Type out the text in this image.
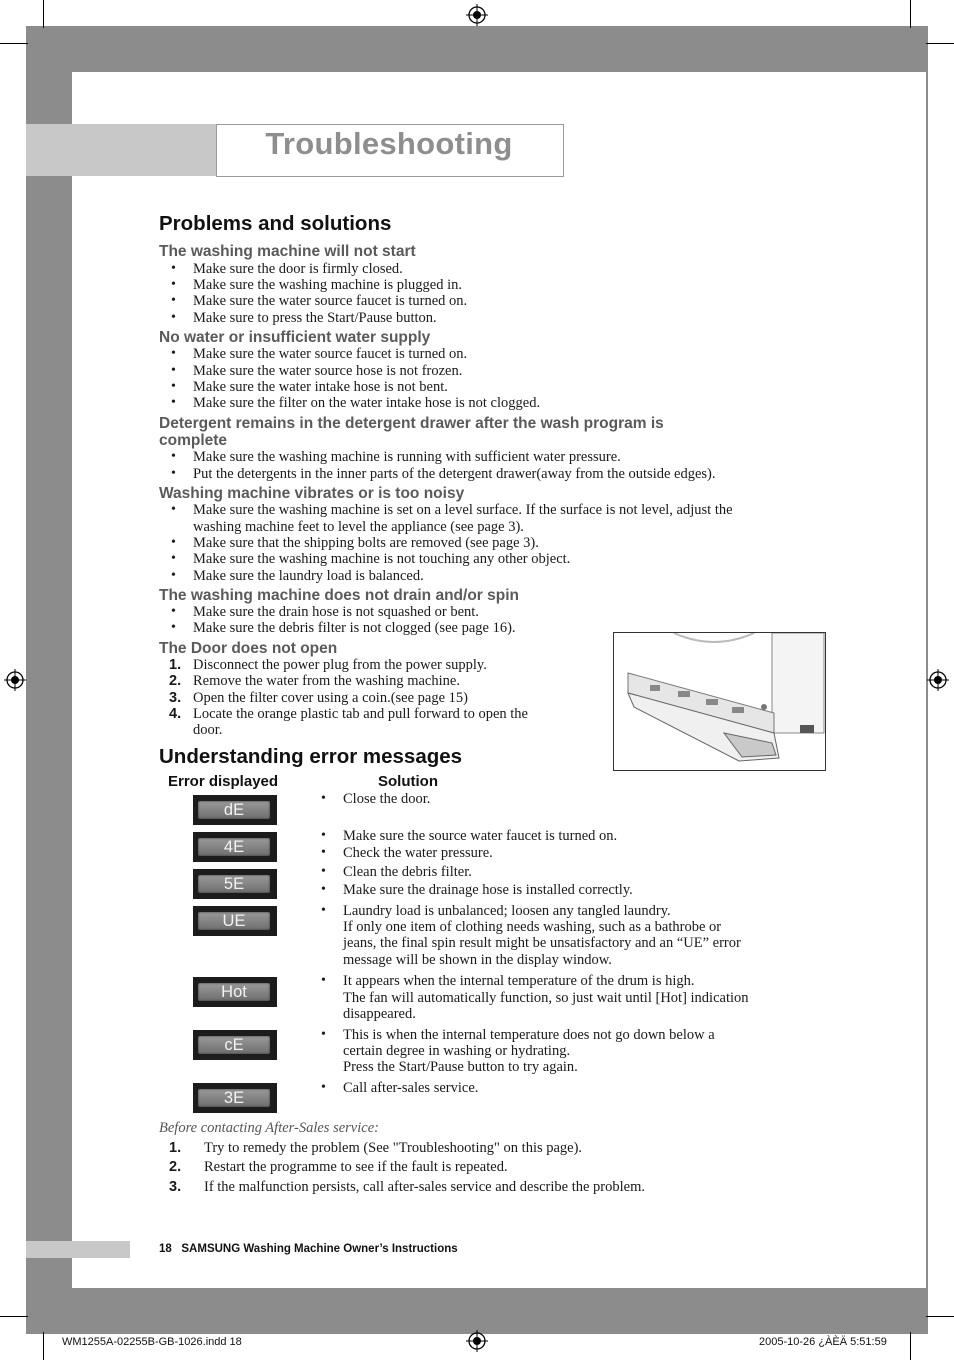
Troubleshooting
Problems and solutions
The washing machine will not start
• Make sure the door is firmly closed.
• Make sure the washing machine is plugged in.
• Make sure the water source faucet is turned on.
• Make sure to press the Start/Pause button.
No water or insufficient water supply
• Make sure the water source faucet is turned on.
• Make sure the water source hose is not frozen.
• Make sure the water intake hose is not bent.
• Make sure the filter on the water intake hose is not clogged.
Detergent remains in the detergent drawer after the wash program is
complete
• Make sure the washing machine is running with sufficient water pressure.
• Put the detergents in the inner parts of the detergent drawer(away from the outside edges).
Washing machine vibrates or is too noisy
• Make sure the washing machine is set on a level surface. If the surface is not level, adjust the
washing machine feet to level the appliance (see page 3).
• Make sure that the shipping bolts are removed (see page 3).
• Make sure the washing machine is not touching any other object.
• Make sure the laundry load is balanced.
The washing machine does not drain and/or spin
• Make sure the drain hose is not squashed or bent.
• Make sure the debris filter is not clogged (see page 16).
The Door does not open
1. Disconnect the power plug from the power supply.
2. Remove the water from the washing machine.
3. Open the filter cover using a coin.(see page 15)
4. Locate the orange plastic tab and pull forward to open the
door.
Understanding error messages
Error displayed	Solution
dE
• Close the door.
4E
• Make sure the source water faucet is turned on.
• Check the water pressure.
5E
• Clean the debris filter.
• Make sure the drainage hose is installed correctly.
UE
• Laundry load is unbalanced; loosen any tangled laundry.
If only one item of clothing needs washing, such as a bathrobe or
jeans, the final spin result might be unsatisfactory and an “UE” error
message will be shown in the display window.
Hot
• It appears when the internal temperature of the drum is high.
The fan will automatically function, so just wait until [Hot] indication
disappeared.
cE
• This is when the internal temperature does not go down below a
certain degree in washing or hydrating.
Press the Start/Pause button to try again.
3E
• Call after-sales service.
Before contacting After-Sales service:
1. Try to remedy the problem (See "Troubleshooting" on this page).
2. Restart the programme to see if the fault is repeated.
3. If the malfunction persists, call after-sales service and describe the problem.
18 SAMSUNG Washing Machine Owner’s Instructions
WM1255A-02255B-GB-1026.indd 18	2005-10-26 ¿ÀÈÄ 5:51:59
